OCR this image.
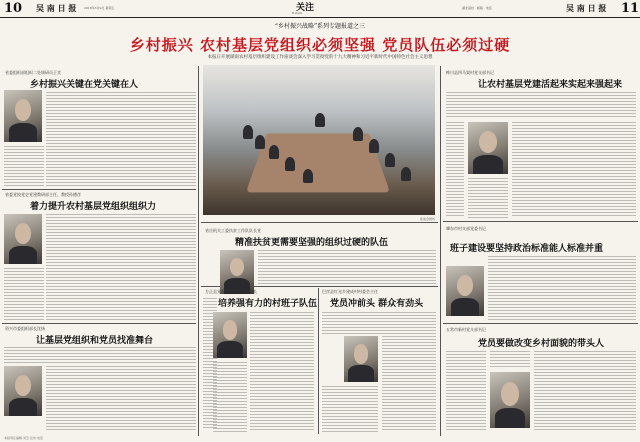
10 吴 南 日 报	2018年3月9日 星期五	关注
E-mail
湖北高校 · 邮箱 · 电话	吴 南 日 报 11
“乡村振兴战略”系列专题报道之三
乡村振兴 农村基层党组织必须坚强 党员队伍必须过硬
本报日开展湖南农村基层组织建设工作座谈会深入学习贯彻党的十九大精神和习近平新时代中国特色社会主义思想
省委组织部组织二处调研员王宾
乡村振兴关键在党关键在人
省委党校党史党建教研部主任、教授孙德彦
着力提升农村基层党组织组织力
资兴市委组织部长沈扬
让基层党组织和党员找准舞台
座谈会现场
省岳机关工委扶贫工作队队长党
精准扶贫更需要坚强的组织过硬的队伍
方正县党委组织部常务副部长
培养强有力的村班子队伍
巴彦县红光乡建成村村委会主任
党员冲前头 群众有劲头
桦川县四马架村党支部书记
让农村基层党建活起来实起来强起来
肇东市村支部党委书记
班子建设要坚持政治标准能人标准并重
五常市新村党支部书记
党员要做改变乡村面貌的带头人
本版责任编辑 刘宝 张伟 电话
